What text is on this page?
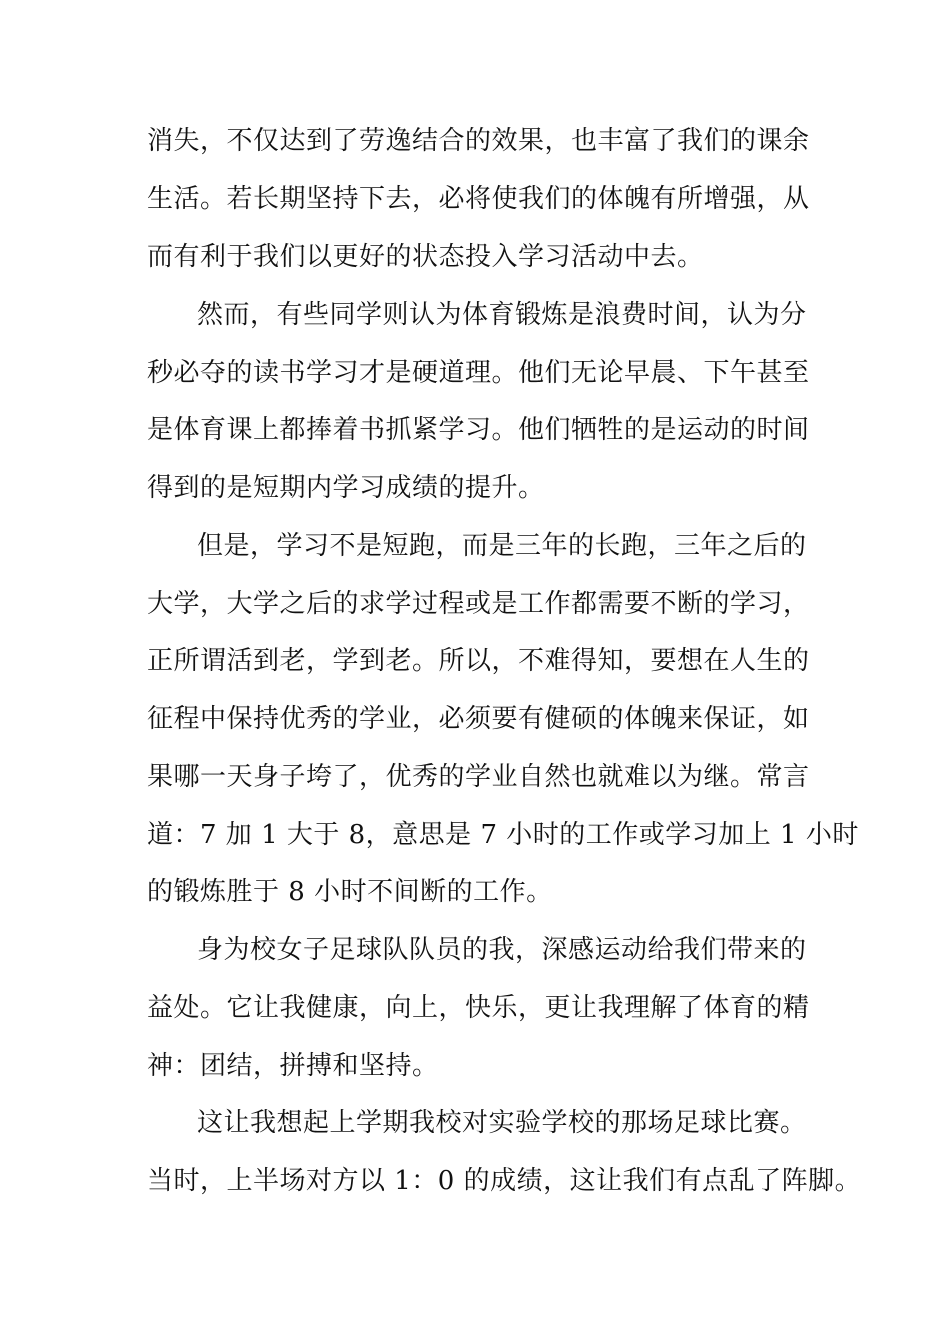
消失，不仅达到了劳逸结合的效果，也丰富了我们的课余
生活。若长期坚持下去，必将使我们的体魄有所增强，从
而有利于我们以更好的状态投入学习活动中去。
然而，有些同学则认为体育锻炼是浪费时间，认为分
秒必夺的读书学习才是硬道理。他们无论早晨、下午甚至
是体育课上都捧着书抓紧学习。他们牺牲的是运动的时间
得到的是短期内学习成绩的提升。
但是，学习不是短跑，而是三年的长跑，三年之后的
大学，大学之后的求学过程或是工作都需要不断的学习，
正所谓活到老，学到老。所以，不难得知，要想在人生的
征程中保持优秀的学业，必须要有健硕的体魄来保证，如
果哪一天身子垮了，优秀的学业自然也就难以为继。常言
道：7 加 1 大于 8，意思是 7 小时的工作或学习加上 1 小时
的锻炼胜于 8 小时不间断的工作。
身为校女子足球队队员的我，深感运动给我们带来的
益处。它让我健康，向上，快乐，更让我理解了体育的精
神：团结，拼搏和坚持。
这让我想起上学期我校对实验学校的那场足球比赛。
当时，上半场对方以 1：0 的成绩，这让我们有点乱了阵脚。
